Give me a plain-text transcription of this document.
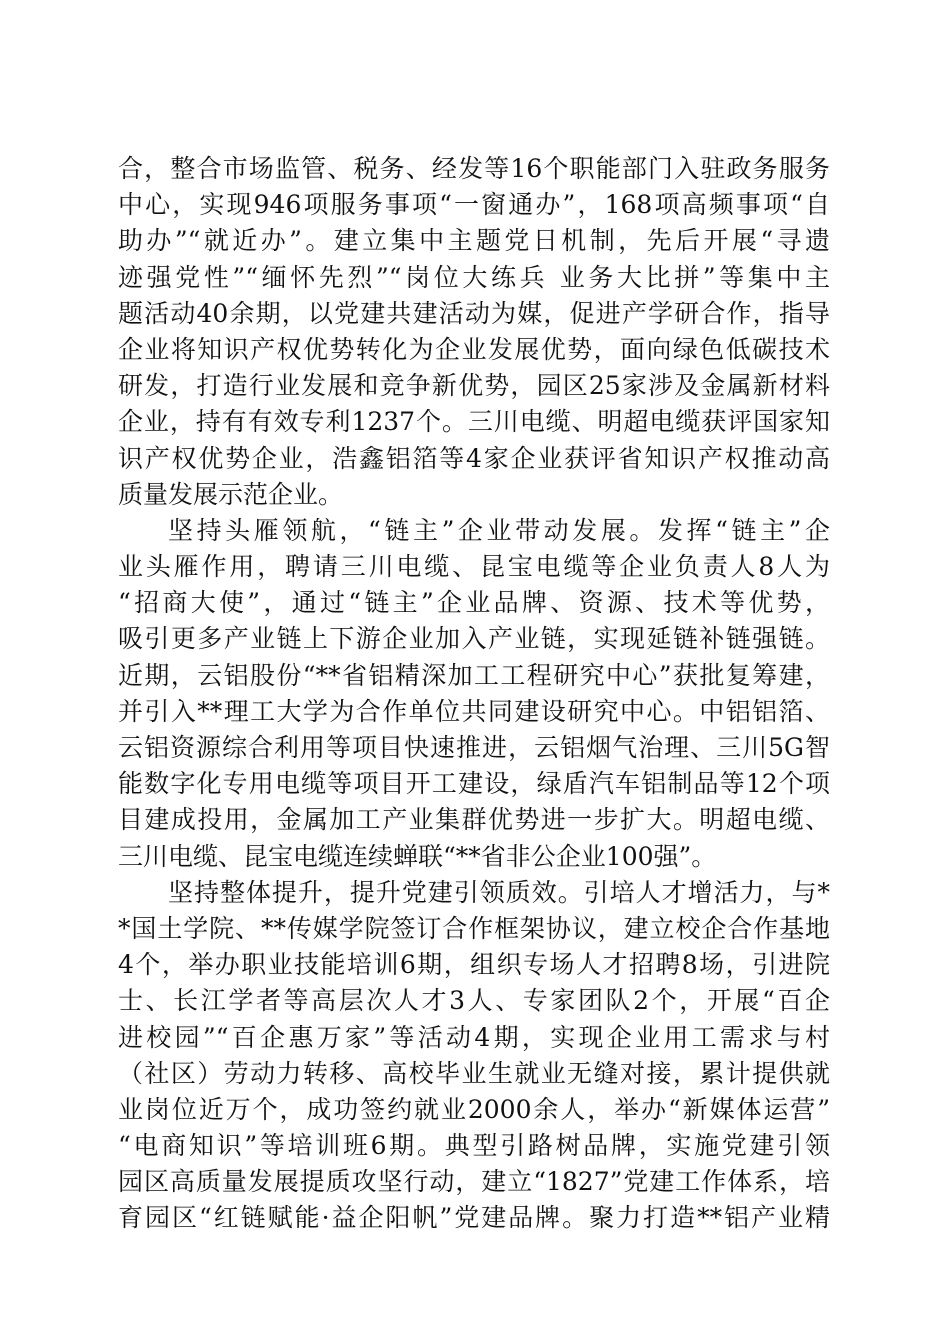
合，整合市场监管、税务、经发等16个职能部门入驻政务服务
中心，实现946项服务事项“一窗通办”，168项高频事项“自
助办”“就近办”。建立集中主题党日机制，先后开展“寻遗
迹强党性”“缅怀先烈”“岗位大练兵 业务大比拼”等集中主
题活动40余期，以党建共建活动为媒，促进产学研合作，指导
企业将知识产权优势转化为企业发展优势，面向绿色低碳技术
研发，打造行业发展和竞争新优势，园区25家涉及金属新材料
企业，持有有效专利1237个。三川电缆、明超电缆获评国家知
识产权优势企业，浩鑫铝箔等4家企业获评省知识产权推动高
质量发展示范企业。
坚持头雁领航，“链主”企业带动发展。发挥“链主”企
业头雁作用，聘请三川电缆、昆宝电缆等企业负责人8人为
“招商大使”，通过“链主”企业品牌、资源、技术等优势，
吸引更多产业链上下游企业加入产业链，实现延链补链强链。
近期，云铝股份“**省铝精深加工工程研究中心”获批复筹建，
并引入**理工大学为合作单位共同建设研究中心。中铝铝箔、
云铝资源综合利用等项目快速推进，云铝烟气治理、三川5G智
能数字化专用电缆等项目开工建设，绿盾汽车铝制品等12个项
目建成投用，金属加工产业集群优势进一步扩大。明超电缆、
三川电缆、昆宝电缆连续蝉联“**省非公企业100强”。
坚持整体提升，提升党建引领质效。引培人才增活力，与*
*国土学院、**传媒学院签订合作框架协议，建立校企合作基地
4个，举办职业技能培训6期，组织专场人才招聘8场，引进院
士、长江学者等高层次人才3人、专家团队2个，开展“百企
进校园”“百企惠万家”等活动4期，实现企业用工需求与村
（社区）劳动力转移、高校毕业生就业无缝对接，累计提供就
业岗位近万个，成功签约就业2000余人，举办“新媒体运营”
“电商知识”等培训班6期。典型引路树品牌，实施党建引领
园区高质量发展提质攻坚行动，建立“1827”党建工作体系，培
育园区“红链赋能·益企阳帆”党建品牌。聚力打造**铝产业精
